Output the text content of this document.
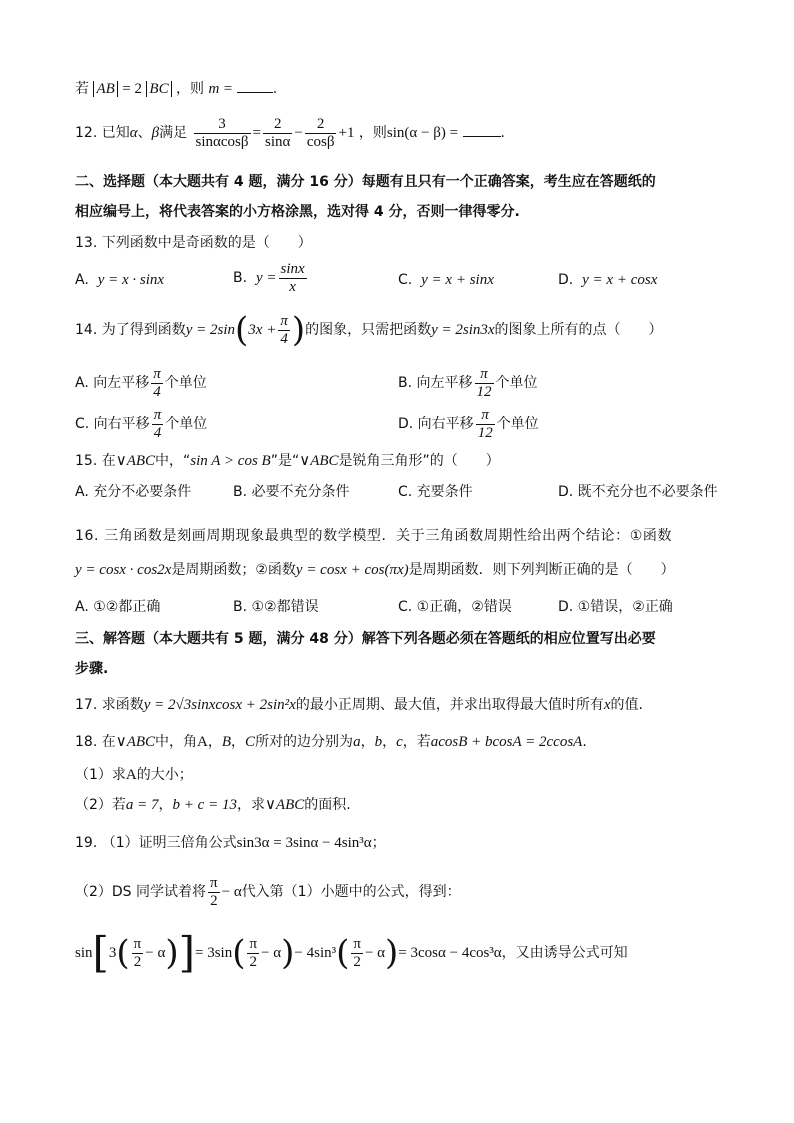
若 AB = 2 BC ，则 m =	.
12. 已知α、β满足 $\frac{3}{\sin\alpha\cos\beta} = \frac{2}{\sin\alpha} - \frac{2}{\cos\beta} +1$ ，则sin(α − β) =	.
二、选择题（本大题共有 4 题，满分 16 分）每题有且只有一个正确答案，考生应在答题纸的
相应编号上，将代表答案的小方格涂黑，选对得 4 分，否则一律得零分.
13. 下列函数中是奇函数的是（　　）
A. y = x · sinx	B. $y = \frac{\sin x}{x}$	C. y = x + sinx	D. y = x + cosx
14. 为了得到函数$y = 2\sin(3x + \frac{\pi}{4}$ )的图象，只需把函数y = 2sin3x的图象上所有的点（　　）
A. 向左平移 $\frac{\pi}{4}$ 个单位	B. 向左平移 $\frac{\pi}{12}$ 个单位
C. 向右平移 $\frac{\pi}{4}$ 个单位	D. 向右平移 $\frac{\pi}{12}$ 个单位
15. 在∨ABC中，“sin A > cos B”是“∨ABC是锐角三角形”的（　　）
A. 充分不必要条件	B. 必要不充分条件	C. 充要条件	D. 既不充分也不必要条件
16. 三角函数是刻画周期现象最典型的数学模型．关于三角函数周期性给出两个结论：①函数
y = cosx · cos2x是周期函数；②函数y = cosx + cos(πx)是周期函数．则下列判断正确的是（　　）
A. ①②都正确	B. ①②都错误	C. ①正确，②错误	D. ①错误，②正确
三、解答题（本大题共有 5 题，满分 48 分）解答下列各题必须在答题纸的相应位置写出必要
步骤.
17. 求函数y = 2√3sinxcosx + 2sin²x的最小正周期、最大值，并求出取得最大值时所有x的值.
18. 在∨ABC中，角A，B，C所对的边分别为a，b，c，若acosB + bcosA = 2ccosA.
（1）求A的大小；
（2）若a = 7，b + c = 13，求∨ABC的面积.
19. （1）证明三倍角公式sin3α = 3sinα − 4sin³α；
（2）DS 同学试着将 $\frac{\pi}{2} - \alpha$代入第（1）小题中的公式，得到：
$\sin[3( \frac{\pi}{2} - \alpha)]= 3\sin( \frac{\pi}{2} - \alpha)- 4\sin^3( \frac{\pi}{2} - \alpha)= 3\cos\alpha - 4\cos^3\alpha$，又由诱导公式可知
